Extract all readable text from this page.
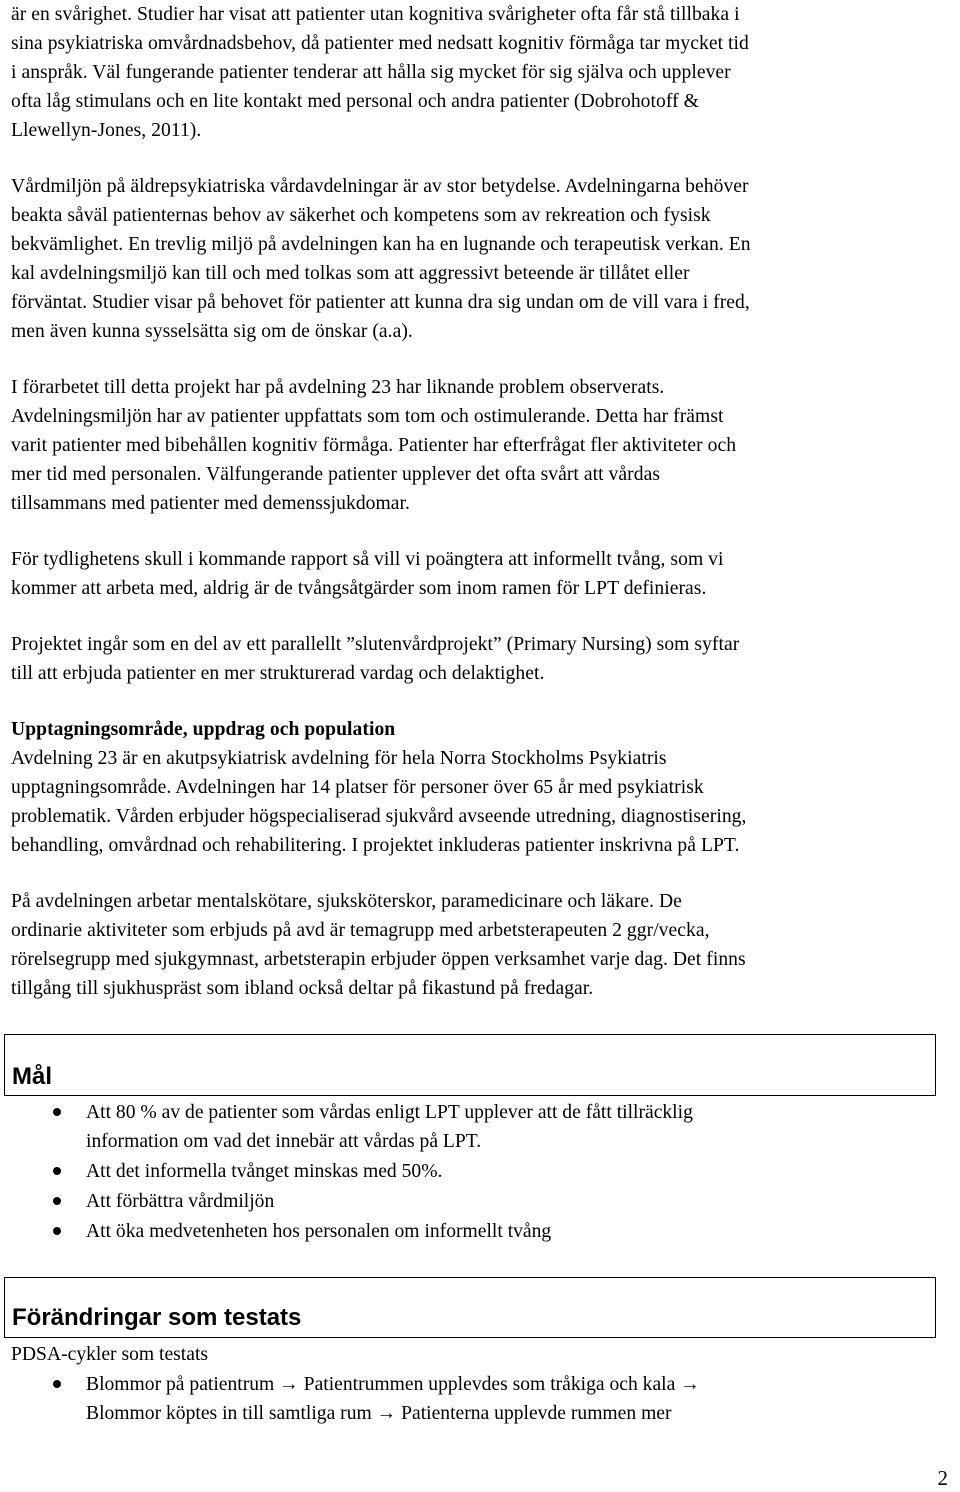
är en svårighet. Studier har visat att patienter utan kognitiva svårigheter ofta får stå tillbaka i
sina psykiatriska omvårdnadsbehov, då patienter med nedsatt kognitiv förmåga tar mycket tid
i anspråk. Väl fungerande patienter tenderar att hålla sig mycket för sig själva och upplever
ofta låg stimulans och en lite kontakt med personal och andra patienter (Dobrohotoff &
Llewellyn-Jones, 2011).

Vårdmiljön på äldrepsykiatriska vårdavdelningar är av stor betydelse. Avdelningarna behöver
beakta såväl patienternas behov av säkerhet och kompetens som av rekreation och fysisk
bekvämlighet. En trevlig miljö på avdelningen kan ha en lugnande och terapeutisk verkan. En
kal avdelningsmiljö kan till och med tolkas som att aggressivt beteende är tillåtet eller
förväntat. Studier visar på behovet för patienter att kunna dra sig undan om de vill vara i fred,
men även kunna sysselsätta sig om de önskar (a.a).

I förarbetet till detta projekt har på avdelning 23 har liknande problem observerats.
Avdelningsmiljön har av patienter uppfattats som tom och ostimulerande. Detta har främst
varit patienter med bibehållen kognitiv förmåga. Patienter har efterfrågat fler aktiviteter och
mer tid med personalen. Välfungerande patienter upplever det ofta svårt att vårdas
tillsammans med patienter med demenssjukdomar.

För tydlighetens skull i kommande rapport så vill vi poängtera att informellt tvång, som vi
kommer att arbeta med, aldrig är de tvångsåtgärder som inom ramen för LPT definieras.

Projektet ingår som en del av ett parallellt ”slutenvårdprojekt” (Primary Nursing) som syftar
till att erbjuda patienter en mer strukturerad vardag och delaktighet.

Upptagningsområde, uppdrag och population

Avdelning 23 är en akutpsykiatrisk avdelning för hela Norra Stockholms Psykiatris
upptagningsområde. Avdelningen har 14 platser för personer över 65 år med psykiatrisk
problematik. Vården erbjuder högspecialiserad sjukvård avseende utredning, diagnostisering,
behandling, omvårdnad och rehabilitering. I projektet inkluderas patienter inskrivna på LPT.

På avdelningen arbetar mentalskötare, sjuksköterskor, paramedicinare och läkare. De
ordinarie aktiviteter som erbjuds på avd är temagrupp med arbetsterapeuten 2 ggr/vecka,
rörelsegrupp med sjukgymnast, arbetsterapin erbjuder öppen verksamhet varje dag. Det finns
tillgång till sjukhuspräst som ibland också deltar på fikastund på fredagar.

Mål
Att 80 % av de patienter som vårdas enligt LPT upplever att de fått tillräcklig
information om vad det innebär att vårdas på LPT.
Att det informella tvånget minskas med 50%.
Att förbättra vårdmiljön
Att öka medvetenheten hos personalen om informellt tvång
Förändringar som testats
PDSA-cykler som testats
Blommor på patientrum → Patientrummen upplevdes som tråkiga och kala →
Blommor köptes in till samtliga rum → Patienterna upplevde rummen mer
2
